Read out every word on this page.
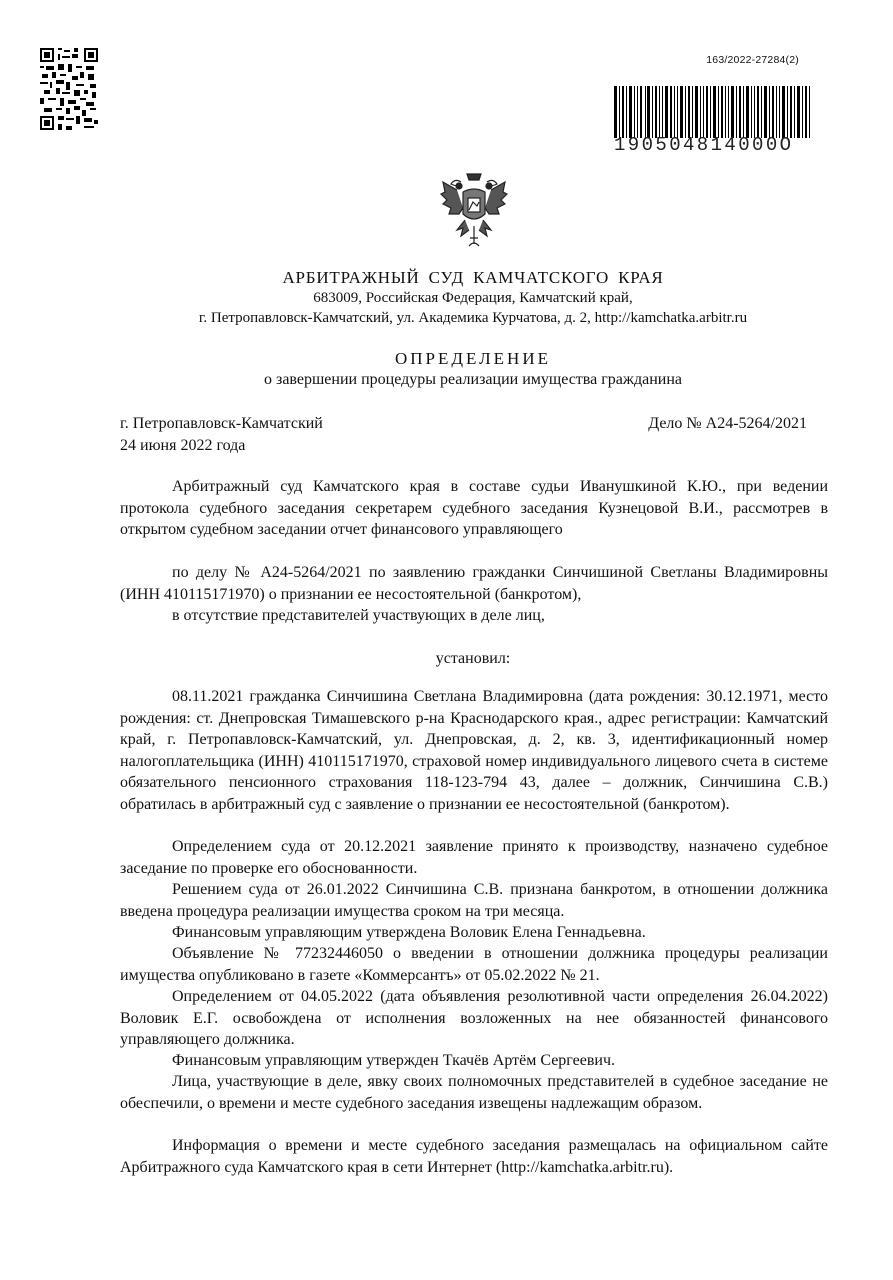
163/2022-27284(2)
190504814000О
АРБИТРАЖНЫЙ СУД КАМЧАТСКОГО КРАЯ
683009, Российская Федерация, Камчатский край,
г. Петропавловск-Камчатский, ул. Академика Курчатова, д. 2, http://kamchatka.arbitr.ru
ОПРЕДЕЛЕНИЕ
о завершении процедуры реализации имущества гражданина
г. Петропавловск-Камчатский
24 июня 2022 года
Дело № А24-5264/2021
Арбитражный суд Камчатского края в составе судьи Иванушкиной К.Ю., при ведении протокола судебного заседания секретарем судебного заседания Кузнецовой В.И., рассмотрев в открытом судебном заседании отчет финансового управляющего
по делу № А24-5264/2021 по заявлению гражданки Синчишиной Светланы Владимировны (ИНН 410115171970) о признании ее несостоятельной (банкротом),
в отсутствие представителей участвующих в деле лиц,
установил:
08.11.2021 гражданка Синчишина Светлана Владимировна (дата рождения: 30.12.1971, место рождения: ст. Днепровская Тимашевского р-на Краснодарского края., адрес регистрации: Камчатский край, г. Петропавловск-Камчатский, ул. Днепровская, д. 2, кв. 3, идентификационный номер налогоплательщика (ИНН) 410115171970, страховой номер индивидуального лицевого счета в системе обязательного пенсионного страхования 118-123-794 43, далее – должник, Синчишина С.В.) обратилась в арбитражный суд с заявление о признании ее несостоятельной (банкротом).
Определением суда от 20.12.2021 заявление принято к производству, назначено судебное заседание по проверке его обоснованности.
Решением суда от 26.01.2022 Синчишина С.В. признана банкротом, в отношении должника введена процедура реализации имущества сроком на три месяца.
Финансовым управляющим утверждена Воловик Елена Геннадьевна.
Объявление № 77232446050 о введении в отношении должника процедуры реализации имущества опубликовано в газете «Коммерсантъ» от 05.02.2022 № 21.
Определением от 04.05.2022 (дата объявления резолютивной части определения 26.04.2022) Воловик Е.Г. освобождена от исполнения возложенных на нее обязанностей финансового управляющего должника.
Финансовым управляющим утвержден Ткачёв Артём Сергеевич.
Лица, участвующие в деле, явку своих полномочных представителей в судебное заседание не обеспечили, о времени и месте судебного заседания извещены надлежащим образом.
Информация о времени и месте судебного заседания размещалась на официальном сайте Арбитражного суда Камчатского края в сети Интернет (http://kamchatka.arbitr.ru).
